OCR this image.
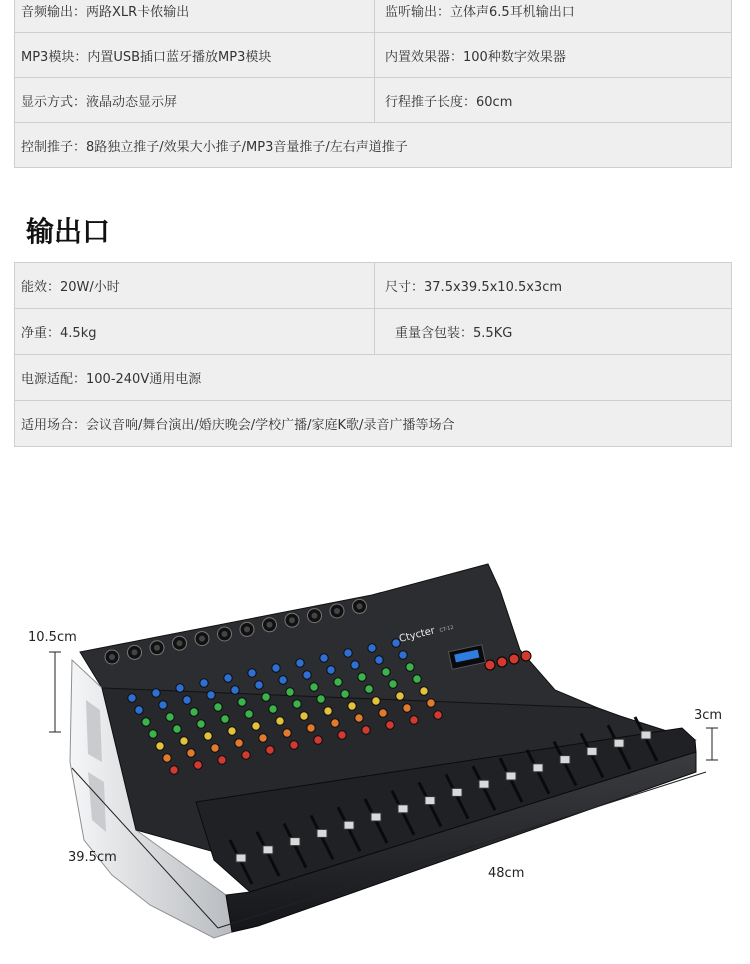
音频输出：两路XLR卡侬输出	监听输出：立体声6.5耳机输出口
MP3模块：内置USB插口蓝牙播放MP3模块	内置效果器：100种数字效果器
显示方式：液晶动态显示屏	行程推子长度：60cm
控制推子：8路独立推子/效果大小推子/MP3音量推子/左右声道推子	
输出口
能效：20W/小时	尺寸：37.5x39.5x10.5x3cm
净重：4.5kg	重量含包装：5.5KG
电源适配：100-240V通用电源	
适用场合：会议音响/舞台演出/婚庆晚会/学校广播/家庭K歌/录音广播等场合	
Ctycter CT-12
10.5cm
39.5cm
48cm
3cm
